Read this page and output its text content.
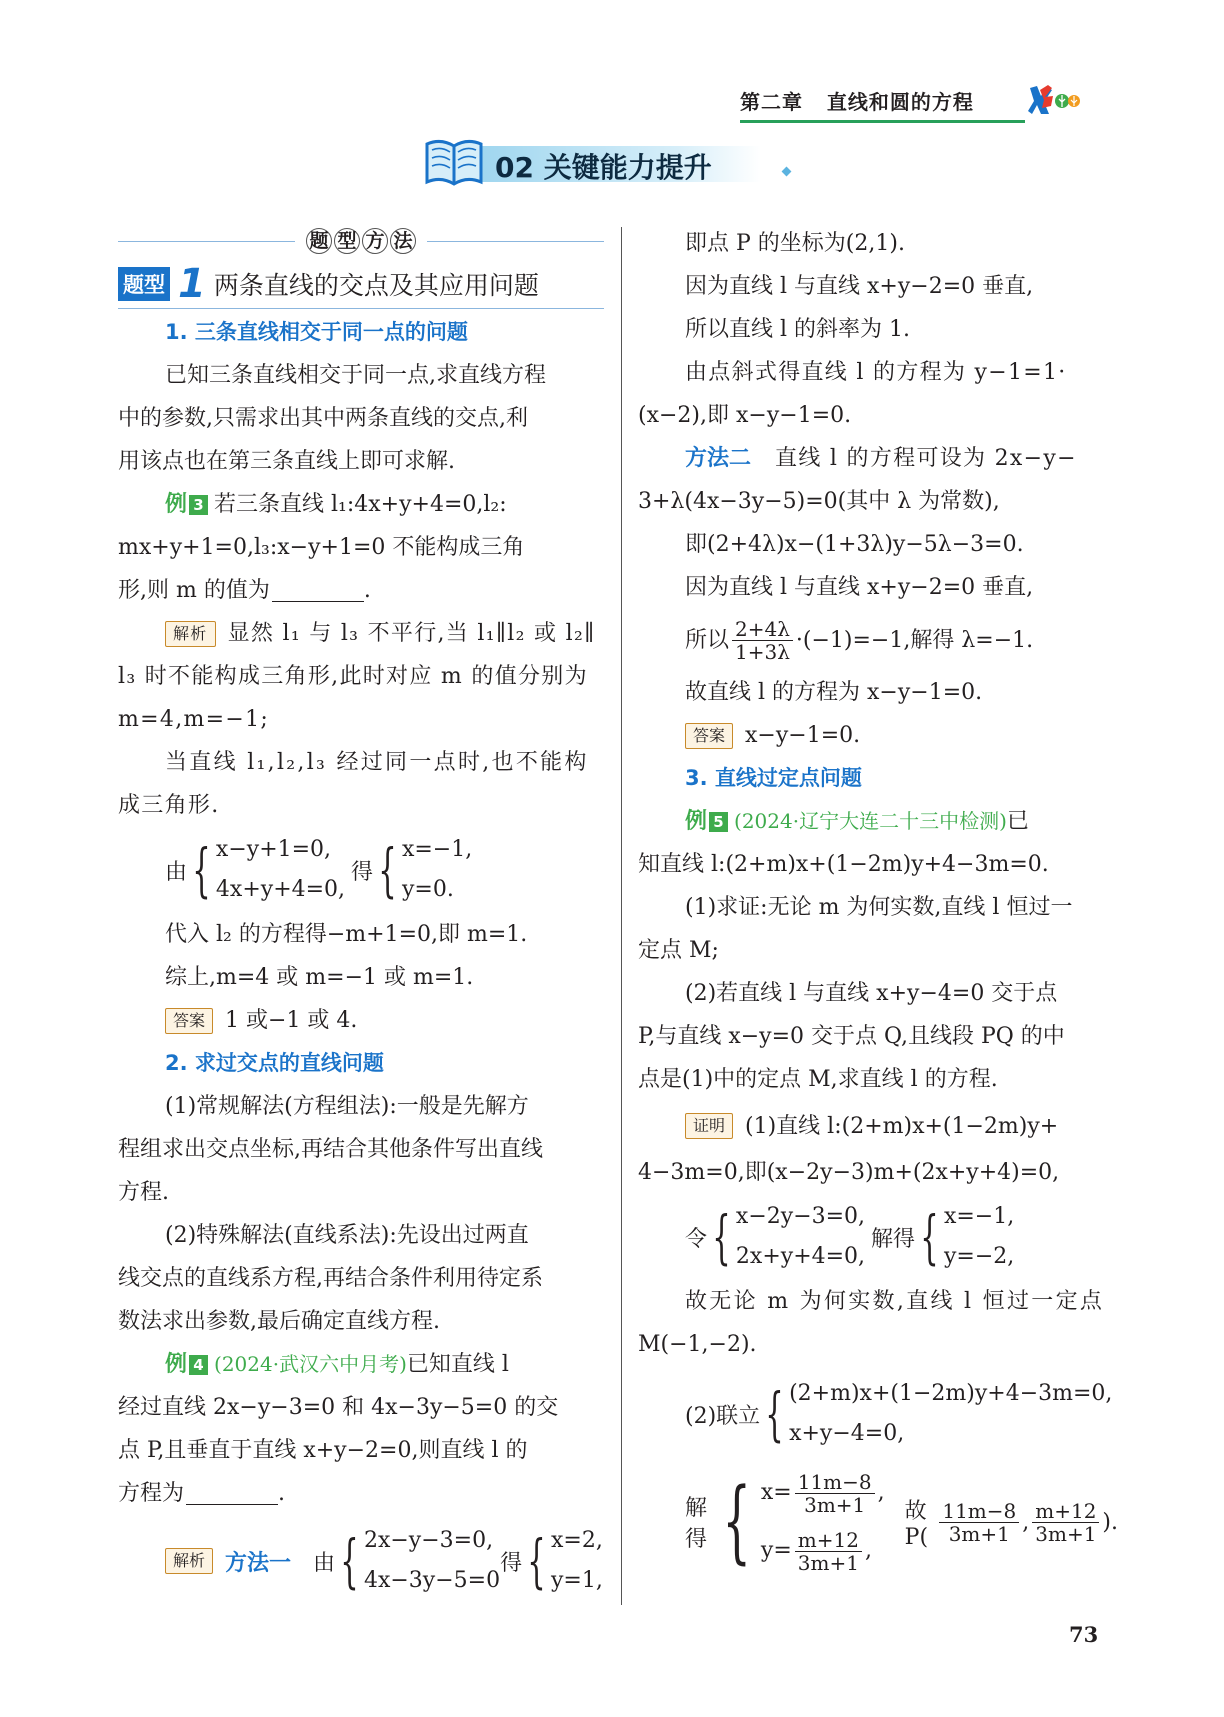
第二章 直线和圆的方程
02 关键能力提升
题 型 方 法
题型 1 两条直线的交点及其应用问题
1. 三条直线相交于同一点的问题
已知三条直线相交于同一点,求直线方程
中的参数,只需求出其中两条直线的交点,利
用该点也在第三条直线上即可求解.
例 3 若三条直线 l₁:4x+y+4=0,l₂:
mx+y+1=0,l₃:x−y+1=0 不能构成三角
形,则 m 的值为	.
解析 显然 l₁ 与 l₃ 不平行,当 l₁∥l₂ 或 l₂∥
l₃ 时不能构成三角形,此时对应 m 的值分别为
m=4,m=−1;
当直线 l₁,l₂,l₃ 经过同一点时,也不能构
成三角形.
由 { x−y+1=0,
4x+y+4=0,
得 { x=−1,
y=0.
代入 l₂ 的方程得−m+1=0,即 m=1.
综上,m=4 或 m=−1 或 m=1.
答案 1 或−1 或 4.
2. 求过交点的直线问题
(1)常规解法(方程组法):一般是先解方
程组求出交点坐标,再结合其他条件写出直线
方程.
(2)特殊解法(直线系法):先设出过两直
线交点的直线系方程,再结合条件利用待定系
数法求出参数,最后确定直线方程.
例 4 (2024·武汉六中月考) 已知直线 l
经过直线 2x−y−3=0 和 4x−3y−5=0 的交
点 P,且垂直于直线 x+y−2=0,则直线 l 的
方程为	.
解析 方法一 由 { 2x−y−3=0,
4x−3y−5=0
得 { x=2,
y=1,
即点 P 的坐标为(2,1).
因为直线 l 与直线 x+y−2=0 垂直,
所以直线 l 的斜率为 1.
由点斜式得直线 l 的方程为 y−1=1·
(x−2),即 x−y−1=0.
方法二 直线 l 的方程可设为 2x−y−
3+λ(4x−3y−5)=0(其中 λ 为常数),
即(2+4λ)x−(1+3λ)y−5λ−3=0.
因为直线 l 与直线 x+y−2=0 垂直,
所以 $\frac{2+4\lambda}{1+3\lambda} \cdot(-1)=-1$,解得 λ=−1.
故直线 l 的方程为 x−y−1=0.
答案 x−y−1=0.
3. 直线过定点问题
例 5 (2024·辽宁大连二十三中检测) 已
知直线 l:(2+m)x+(1−2m)y+4−3m=0.
(1)求证:无论 m 为何实数,直线 l 恒过一
定点 M;
(2)若直线 l 与直线 x+y−4=0 交于点
P,与直线 x−y=0 交于点 Q,且线段 PQ 的中
点是(1)中的定点 M,求直线 l 的方程.
证明 (1)直线 l:(2+m)x+(1−2m)y+
4−3m=0,即(x−2y−3)m+(2x+y+4)=0,
令 { x−2y−3=0,
2x+y+4=0,
解得 { x=−1,
y=−2,
故无论 m 为何实数,直线 l 恒过一定点
M(−1,−2).
(2)联立 { (2+m)x+(1−2m)y+4−3m=0,
x+y−4=0,
解得 { $x= \frac{11m-8}{3m+1}$ ,
$y= \frac{m+12}{3m+1}$ ,
故 $P( \frac{11m-8}{3m+1}$ , $\frac{m+12}{3m+1}$ ).
73
